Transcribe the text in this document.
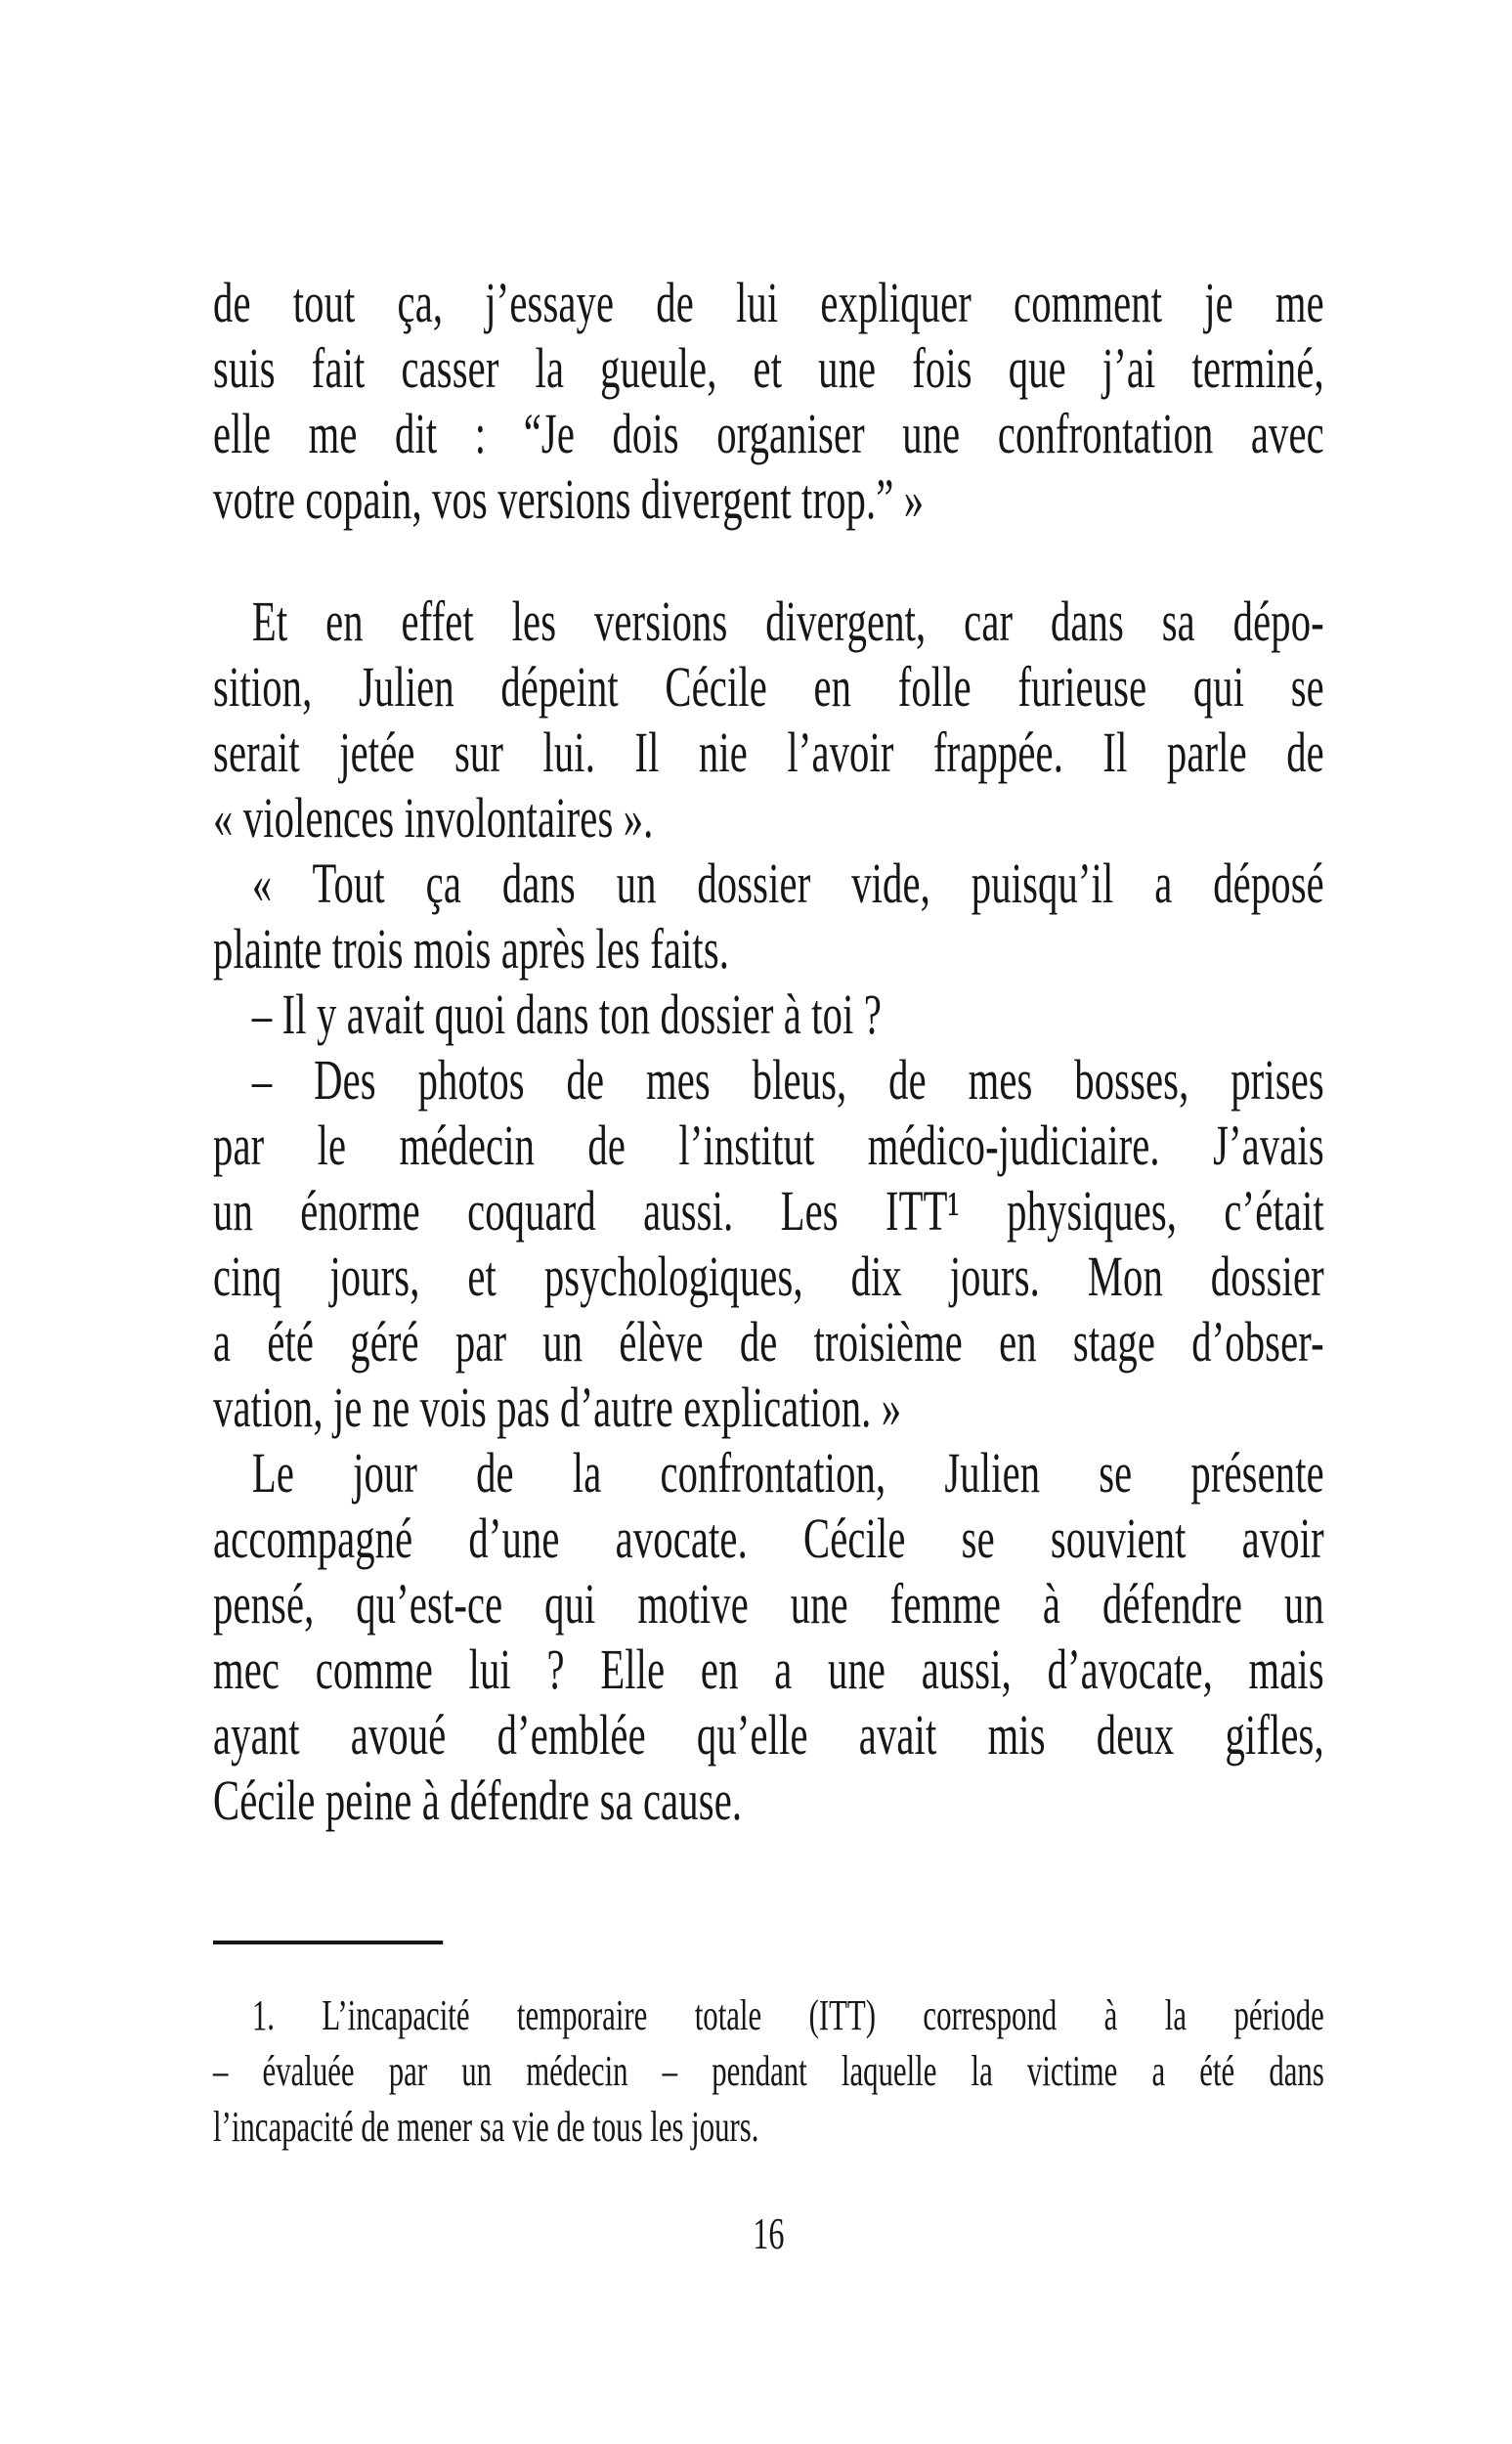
de tout ça, j’essaye de lui expliquer comment je me
suis fait casser la gueule, et une fois que j’ai terminé,
elle me dit : “Je dois organiser une confrontation avec
votre copain, vos versions divergent trop.” »
Et en effet les versions divergent, car dans sa dépo-
sition, Julien dépeint Cécile en folle furieuse qui se
serait jetée sur lui. Il nie l’avoir frappée. Il parle de
« violences involontaires ».
« Tout ça dans un dossier vide, puisqu’il a déposé
plainte trois mois après les faits.
– Il y avait quoi dans ton dossier à toi ?
– Des photos de mes bleus, de mes bosses, prises
par le médecin de l’institut médico-judiciaire. J’avais
un énorme coquard aussi. Les ITT¹ physiques, c’était
cinq jours, et psychologiques, dix jours. Mon dossier
a été géré par un élève de troisième en stage d’obser-
vation, je ne vois pas d’autre explication. »
Le jour de la confrontation, Julien se présente
accompagné d’une avocate. Cécile se souvient avoir
pensé, qu’est-ce qui motive une femme à défendre un
mec comme lui ? Elle en a une aussi, d’avocate, mais
ayant avoué d’emblée qu’elle avait mis deux gifles,
Cécile peine à défendre sa cause.
1. L’incapacité temporaire totale (ITT) correspond à la période
– évaluée par un médecin – pendant laquelle la victime a été dans
l’incapacité de mener sa vie de tous les jours.
16
